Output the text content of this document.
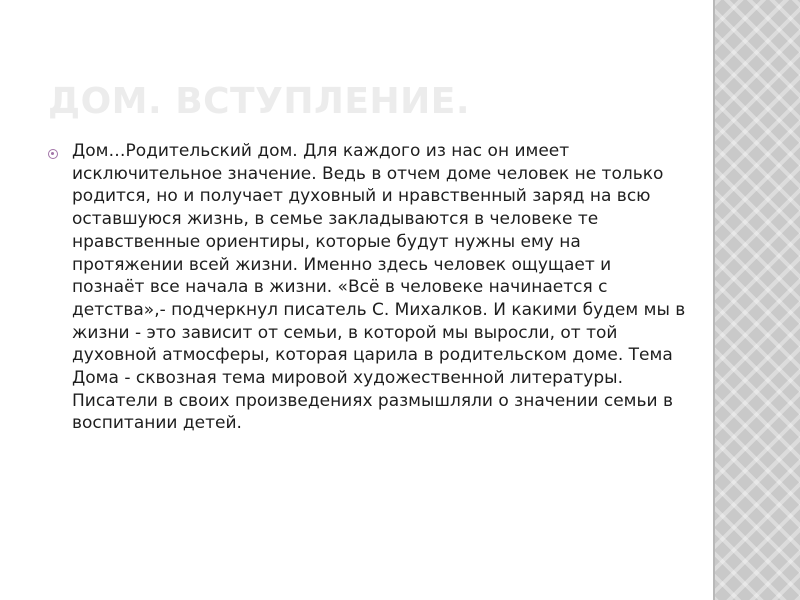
ДОМ. ВСТУПЛЕНИЕ.
Дом…Родительский дом. Для каждого из нас он имеет исключительное значение. Ведь в отчем доме человек не только родится, но и получает духовный и нравственный заряд на всю оставшуюся жизнь, в семье закладываются в человеке те нравственные ориентиры, которые будут нужны ему на протяжении всей жизни. Именно здесь человек ощущает и познаёт все начала в жизни. «Всё в человеке начинается с детства»,- подчеркнул писатель С. Михалков. И какими будем мы в жизни - это зависит от семьи, в которой мы выросли, от той духовной атмосферы, которая царила в родительском доме. Тема Дома - сквозная тема мировой художественной литературы. Писатели в своих произведениях размышляли о значении семьи в воспитании детей.
